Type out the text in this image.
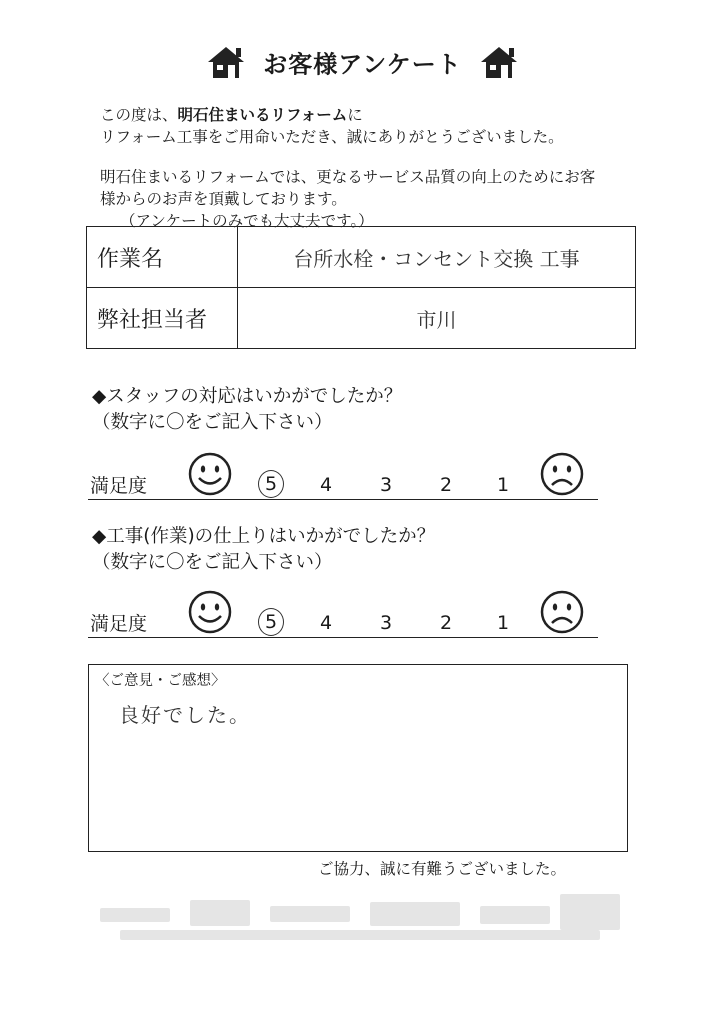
お客様アンケート
この度は、明石住まいるリフォームに
リフォーム工事をご用命いただき、誠にありがとうございました。
明石住まいるリフォームでは、更なるサービス品質の向上のためにお客
様からのお声を頂戴しております。
（アンケートのみでも大丈夫です。）
作業名	台所水栓・コンセント交換 工事
弊社担当者	市川
◆スタッフの対応はいかがでしたか？
（数字に〇をご記入下さい）
満足度	5	4	3	2	1
◆工事(作業)の仕上りはいかがでしたか？
（数字に〇をご記入下さい）
満足度	5	4	3	2	1
〈ご意見・ご感想〉
良好でした。
ご協力、誠に有難うございました。
